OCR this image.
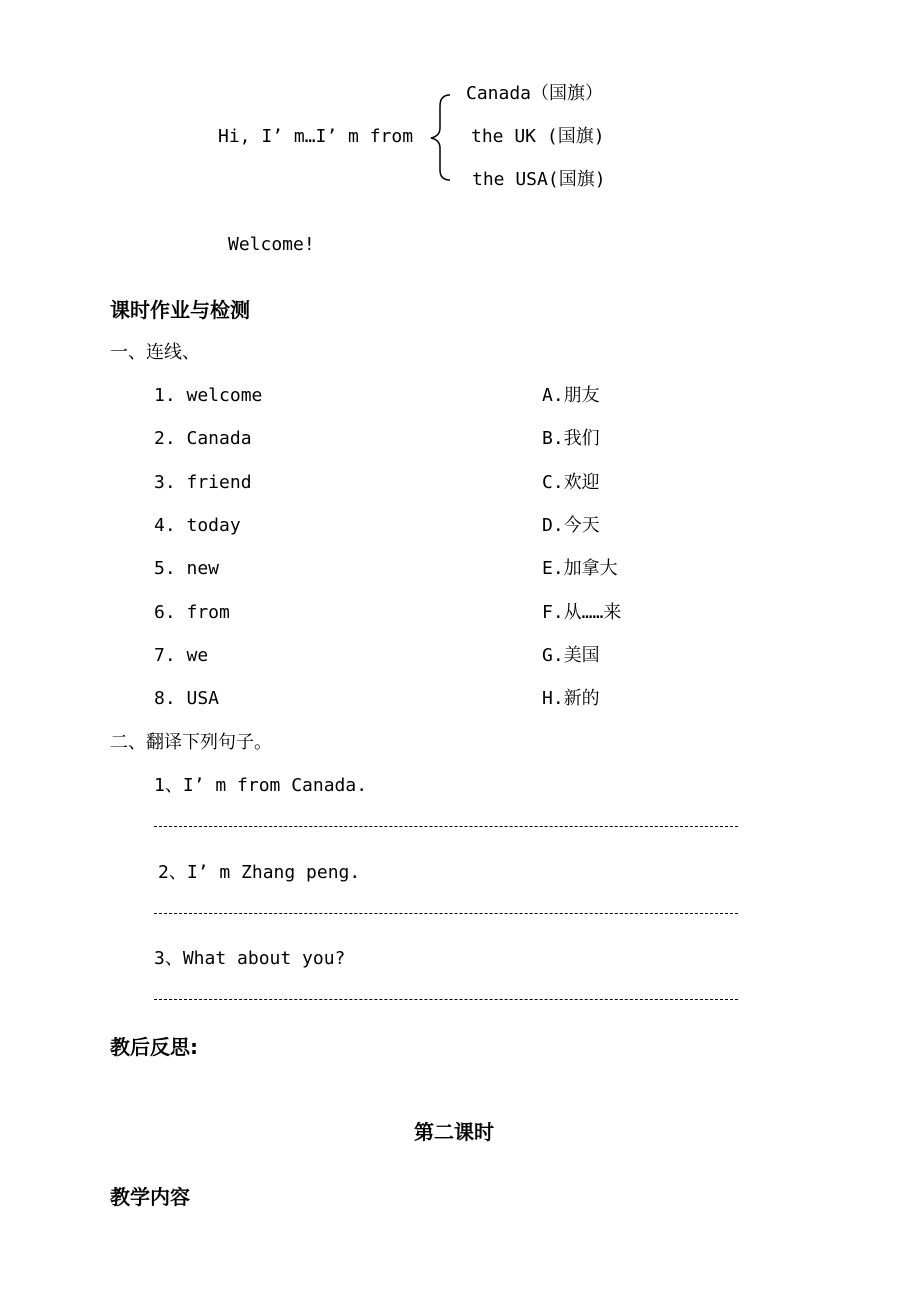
Hi, I’ m…I’ m from
Canada（国旗）
the UK (国旗)
the USA(国旗)
Welcome!
课时作业与检测
一、连线、
1. welcome
2. Canada
3. friend
4. today
5. new
6. from
7. we
8. USA
A.朋友
B.我们
C.欢迎
D.今天
E.加拿大
F.从……来
G.美国
H.新的
二、翻译下列句子。
1、I’ m from Canada.
2、I’ m Zhang peng.
3、What about you?
教后反思:
第二课时
教学内容
